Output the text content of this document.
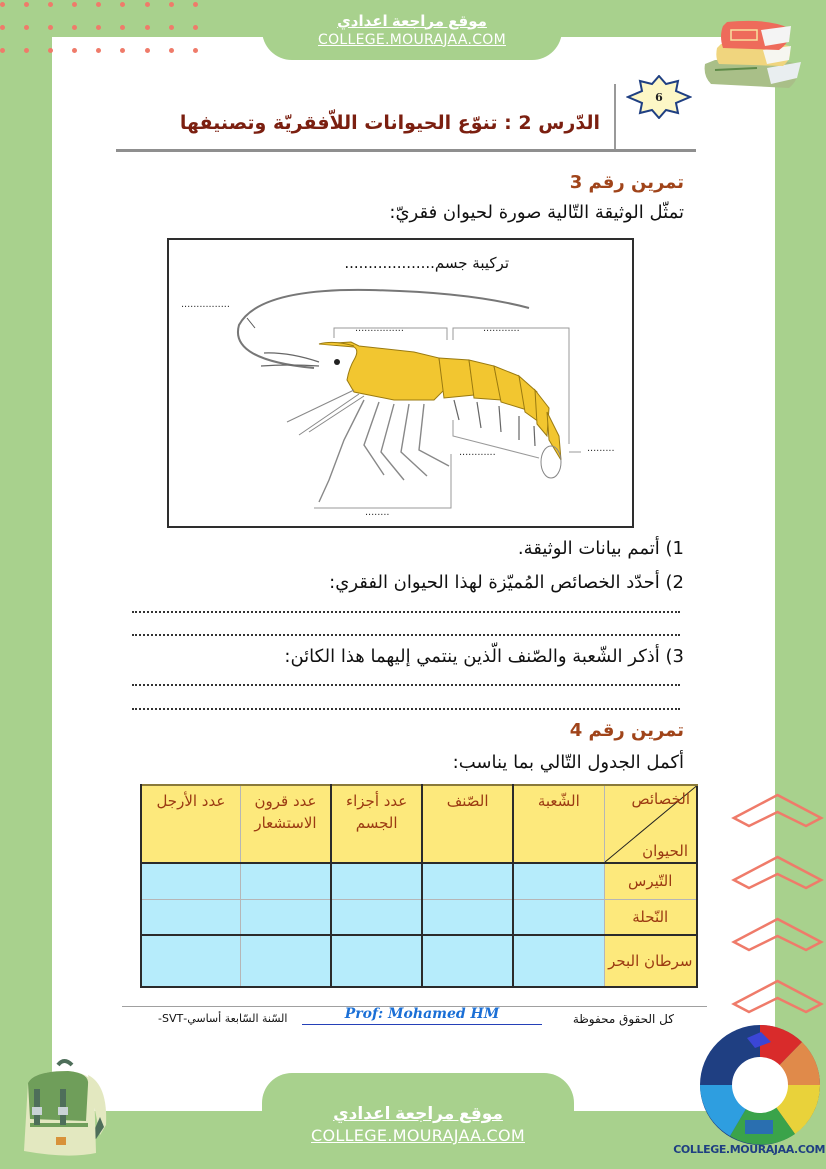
موقع مراجعة اعدادي
COLLEGE.MOURAJAA.COM
6
الدّرس 2 : تنوّع الحيوانات اللاّفقريّة وتصنيفها
تمرين رقم 3
تمثّل الوثيقة التّالية صورة لحيوان فقريّ:
تركيبة جسم...................
................
................	............
............	.........
........
1) أتمم بيانات الوثيقة.
2) أحدّد الخصائص المُميّزة لهذا الحيوان الفقري:
3) أذكر الشّعبة والصّنف الّذين ينتمي إليهما هذا الكائن:
تمرين رقم 4
أكمل الجدول التّالي بما يناسب:
الخصائص
الحيوان	الشّعبة	الصّنف	عدد أجزاء الجسم	عدد قرون الاستشعار	عدد الأرجل
التّيرس					
النّحلة					
سرطان البحر					
كل الحقوق محفوظة
Prof: Mohamed HM
السّنة السّابعة أساسي-SVT-
موقع مراجعة اعدادي
COLLEGE.MOURAJAA.COM
COLLEGE.MOURAJAA.COM
